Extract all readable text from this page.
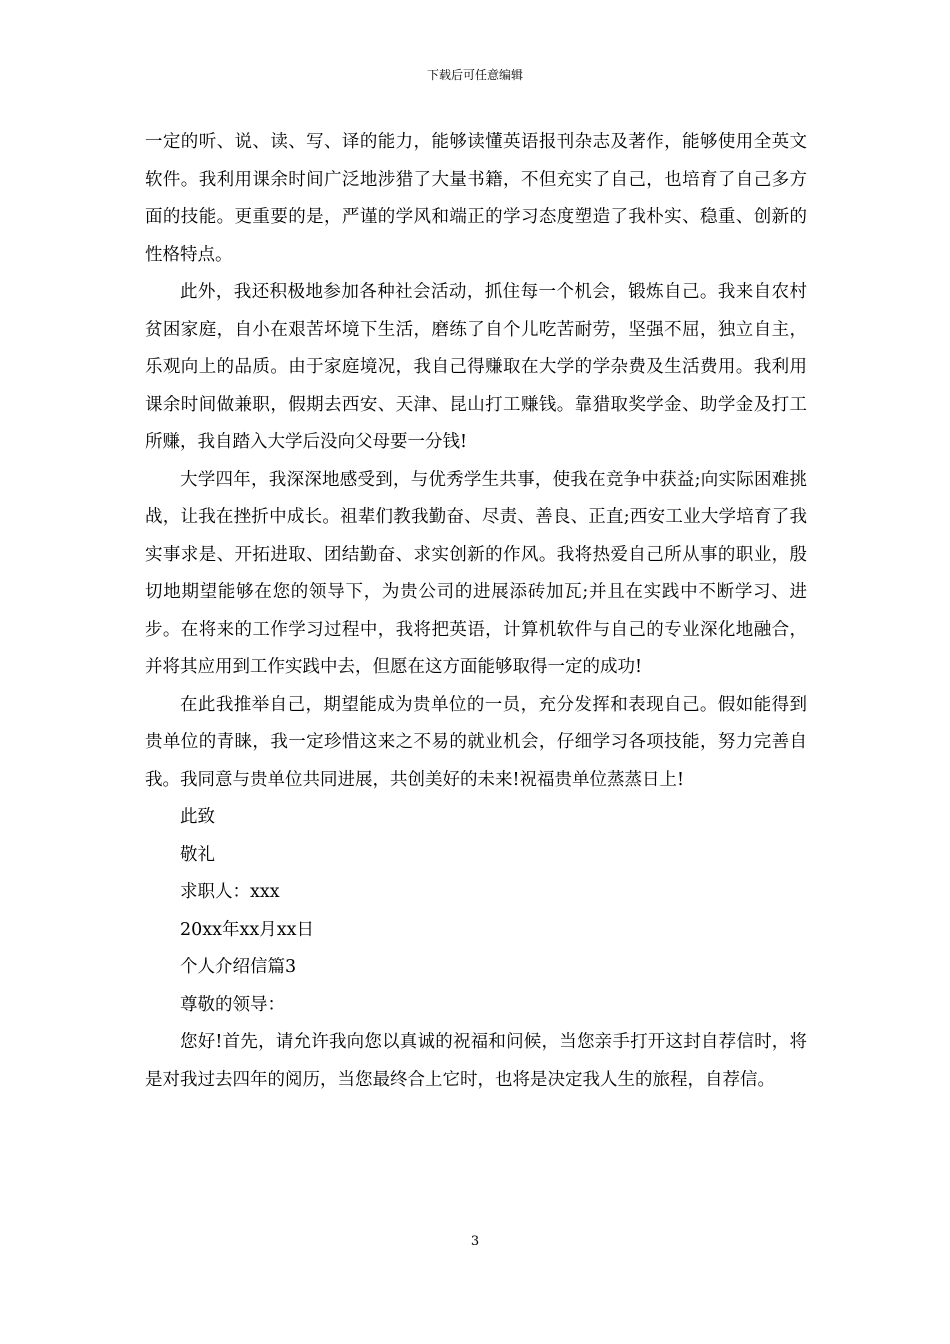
下载后可任意编辑

一定的听、说、读、写、译的能力，能够读懂英语报刊杂志及著作，能够使用全英文软件。我利用课余时间广泛地涉猎了大量书籍，不但充实了自己，也培育了自己多方面的技能。更重要的是，严谨的学风和端正的学习态度塑造了我朴实、稳重、创新的性格特点。

此外，我还积极地参加各种社会活动，抓住每一个机会，锻炼自己。我来自农村贫困家庭，自小在艰苦坏境下生活，磨练了自个儿吃苦耐劳，坚强不屈，独立自主，乐观向上的品质。由于家庭境况，我自己得赚取在大学的学杂费及生活费用。我利用课余时间做兼职，假期去西安、天津、昆山打工赚钱。靠猎取奖学金、助学金及打工所赚，我自踏入大学后没向父母要一分钱!

大学四年，我深深地感受到，与优秀学生共事，使我在竞争中获益;向实际困难挑战，让我在挫折中成长。祖辈们教我勤奋、尽责、善良、正直;西安工业大学培育了我实事求是、开拓进取、团结勤奋、求实创新的作风。我将热爱自己所从事的职业，殷切地期望能够在您的领导下，为贵公司的进展添砖加瓦;并且在实践中不断学习、进步。在将来的工作学习过程中，我将把英语，计算机软件与自己的专业深化地融合，并将其应用到工作实践中去，但愿在这方面能够取得一定的成功!

在此我推举自己，期望能成为贵单位的一员，充分发挥和表现自己。假如能得到贵单位的青睐，我一定珍惜这来之不易的就业机会，仔细学习各项技能，努力完善自我。我同意与贵单位共同进展，共创美好的未来!祝福贵单位蒸蒸日上!

此致

敬礼

求职人：xxx

20xx年xx月xx日

个人介绍信篇3

尊敬的领导：

您好!首先，请允许我向您以真诚的祝福和问候，当您亲手打开这封自荐信时，将是对我过去四年的阅历，当您最终合上它时，也将是决定我人生的旅程，自荐信。

3
